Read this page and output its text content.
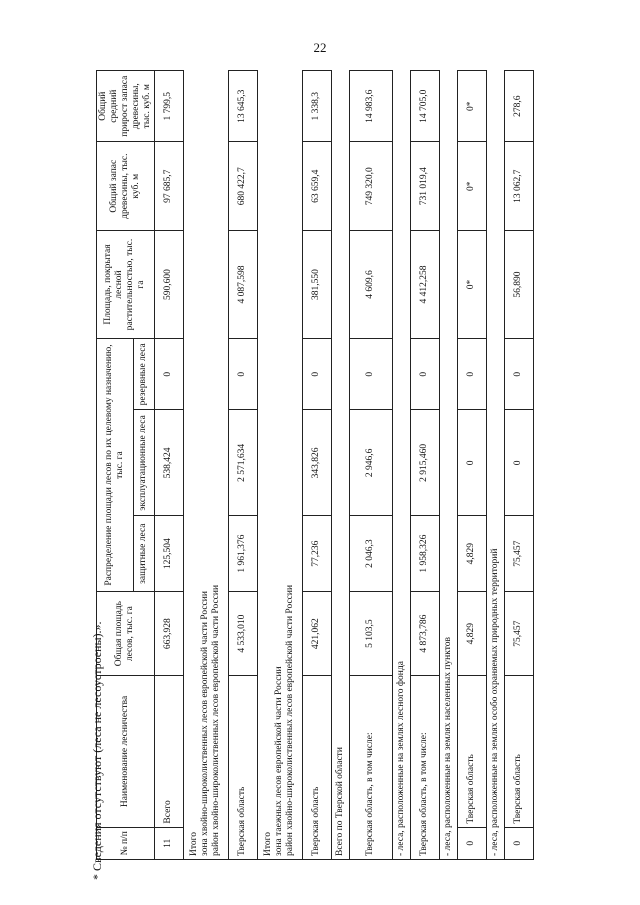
22
№ п/п	Наименование лесничества	Общая площадь лесов, тыс. га	Распределение площади лесов по их целевому назначению, тыс. га			Площадь, покрытая лесной растительностью, тыс. га	Общий запас древесины, тыс. куб. м	Общий средний прирост запаса древесины, тыс. куб. м
			защитные леса	эксплуатационные леса	резервные леса			
11	Всего	663,928	125,504	538,424	0	590,600	97 685,7	1 799,5
Итого
зона хвойно-широколиственных лесов европейской части России
район хвойно-широколиственных лесов европейской части России								
Тверская область		4 533,010	1 961,376	2 571,634	0	4 087,598	680 422,7	13 645,3
Итого
зона таежных лесов европейской части России
район хвойно-широколиственных лесов европейской части России								
Тверская область		421,062	77,236	343,826	0	381,550	63 659,4	1 338,3
Всего по Тверской области								
Тверская область, в том числе:		5 103,5	2 046,3	2 946,6	0	4 609,6	749 320,0	14 983,6
- леса, расположенные на землях лесного фонда								
Тверская область, в том числе:		4 873,786	1 958,326	2 915,460	0	4 412,258	731 019,4	14 705,0
- леса, расположенные на землях населенных пунктов								
0	Тверская область	4,829	4,829	0	0	0*	0*	0*
- леса, расположенные на землях особо охраняемых природных территорий								
0	Тверская область	75,457	75,457	0	0	56,890	13 062,7	278,6
* Сведения отсутствуют (леса не лесоустроены).».
